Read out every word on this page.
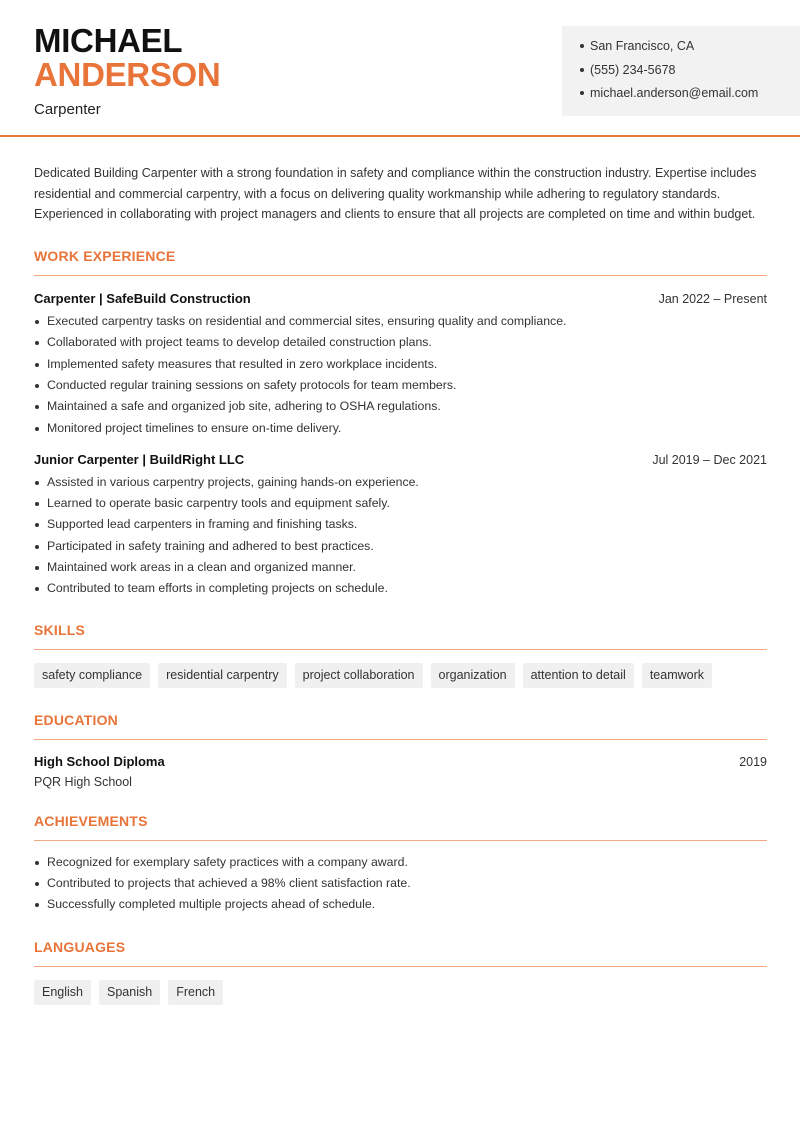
MICHAEL
ANDERSON
Carpenter
San Francisco, CA
(555) 234-5678
michael.anderson@email.com

Dedicated Building Carpenter with a strong foundation in safety and compliance within the construction industry. Expertise includes residential and commercial carpentry, with a focus on delivering quality workmanship while adhering to regulatory standards. Experienced in collaborating with project managers and clients to ensure that all projects are completed on time and within budget.

WORK EXPERIENCE
Carpenter | SafeBuild Construction	Jan 2022 – Present
Executed carpentry tasks on residential and commercial sites, ensuring quality and compliance.
Collaborated with project teams to develop detailed construction plans.
Implemented safety measures that resulted in zero workplace incidents.
Conducted regular training sessions on safety protocols for team members.
Maintained a safe and organized job site, adhering to OSHA regulations.
Monitored project timelines to ensure on-time delivery.
Junior Carpenter | BuildRight LLC	Jul 2019 – Dec 2021
Assisted in various carpentry projects, gaining hands-on experience.
Learned to operate basic carpentry tools and equipment safely.
Supported lead carpenters in framing and finishing tasks.
Participated in safety training and adhered to best practices.
Maintained work areas in a clean and organized manner.
Contributed to team efforts in completing projects on schedule.
SKILLS
safety compliance	residential carpentry	project collaboration	organization	attention to detail	teamwork
EDUCATION
High School Diploma	2019
PQR High School
ACHIEVEMENTS
Recognized for exemplary safety practices with a company award.
Contributed to projects that achieved a 98% client satisfaction rate.
Successfully completed multiple projects ahead of schedule.
LANGUAGES
English	Spanish	French
